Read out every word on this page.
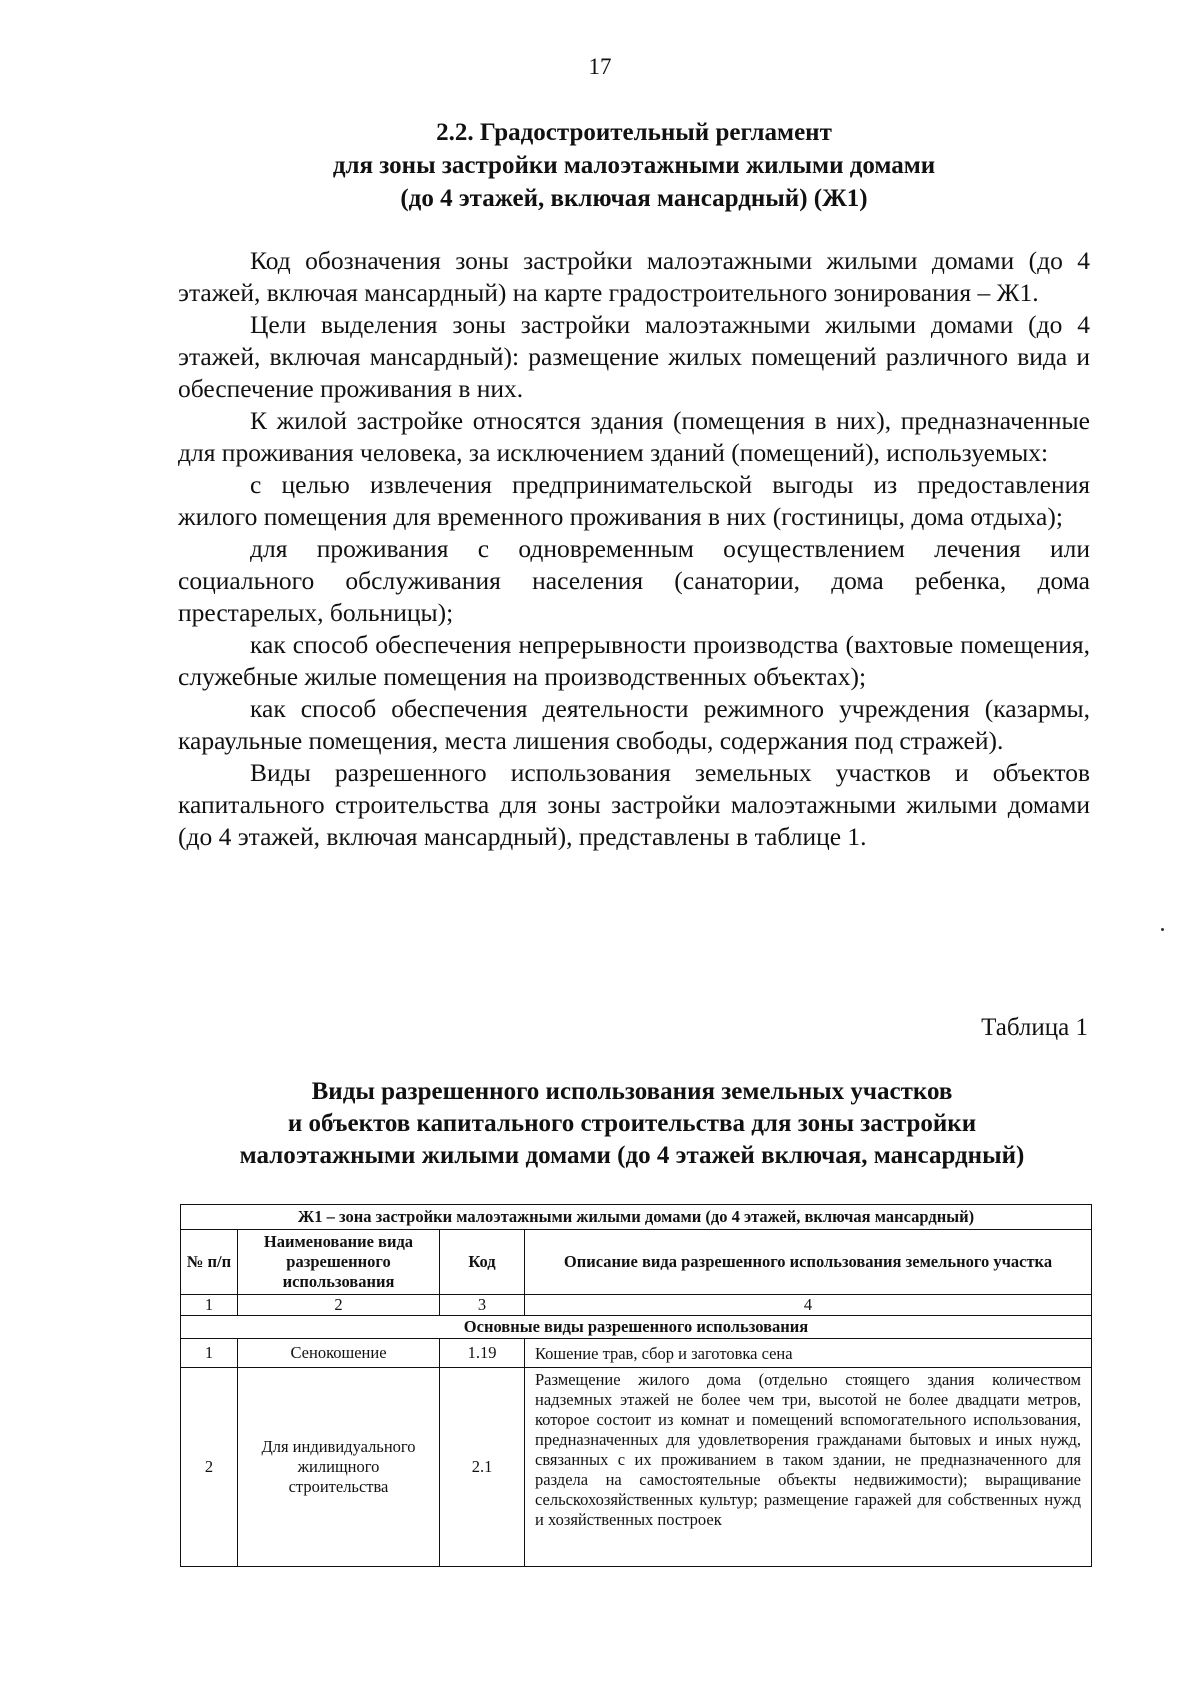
17
2.2. Градостроительный регламент
для зоны застройки малоэтажными жилыми домами
(до 4 этажей, включая мансардный) (Ж1)

Код обозначения зоны застройки малоэтажными жилыми домами (до 4 этажей, включая мансардный) на карте градостроительного зонирования – Ж1.

Цели выделения зоны застройки малоэтажными жилыми домами (до 4 этажей, включая мансардный): размещение жилых помещений различного вида и обеспечение проживания в них.

К жилой застройке относятся здания (помещения в них), предназначенные для проживания человека, за исключением зданий (помещений), используемых:

с целью извлечения предпринимательской выгоды из предоставления жилого помещения для временного проживания в них (гостиницы, дома отдыха);

для проживания с одновременным осуществлением лечения или социального обслуживания населения (санатории, дома ребенка, дома престарелых, больницы);

как способ обеспечения непрерывности производства (вахтовые помещения, служебные жилые помещения на производственных объектах);

как способ обеспечения деятельности режимного учреждения (казармы, караульные помещения, места лишения свободы, содержания под стражей).

Виды разрешенного использования земельных участков и объектов капитального строительства для зоны застройки малоэтажными жилыми домами (до 4 этажей, включая мансардный), представлены в таблице 1.

Таблица 1
Виды разрешенного использования земельных участков
и объектов капитального строительства для зоны застройки
малоэтажными жилыми домами (до 4 этажей включая, мансардный)
Ж1 – зона застройки малоэтажными жилыми домами (до 4 этажей, включая мансардный)			
№ п/п	Наименование вида разрешенного использования	Код	Описание вида разрешенного использования земельного участка
1	2	3	4
Основные виды разрешенного использования			
1	Сенокошение	1.19	Кошение трав, сбор и заготовка сена
2	Для индивидуального жилищного строительства	2.1	Размещение жилого дома (отдельно стоящего здания количеством надземных этажей не более чем три, высотой не более двадцати метров, которое состоит из комнат и помещений вспомогательного использования, предназначенных для удовлетворения гражданами бытовых и иных нужд, связанных с их проживанием в таком здании, не предназначенного для раздела на самостоятельные объекты недвижимости); выращивание сельскохозяйственных культур; размещение гаражей для собственных нужд и хозяйственных построек
